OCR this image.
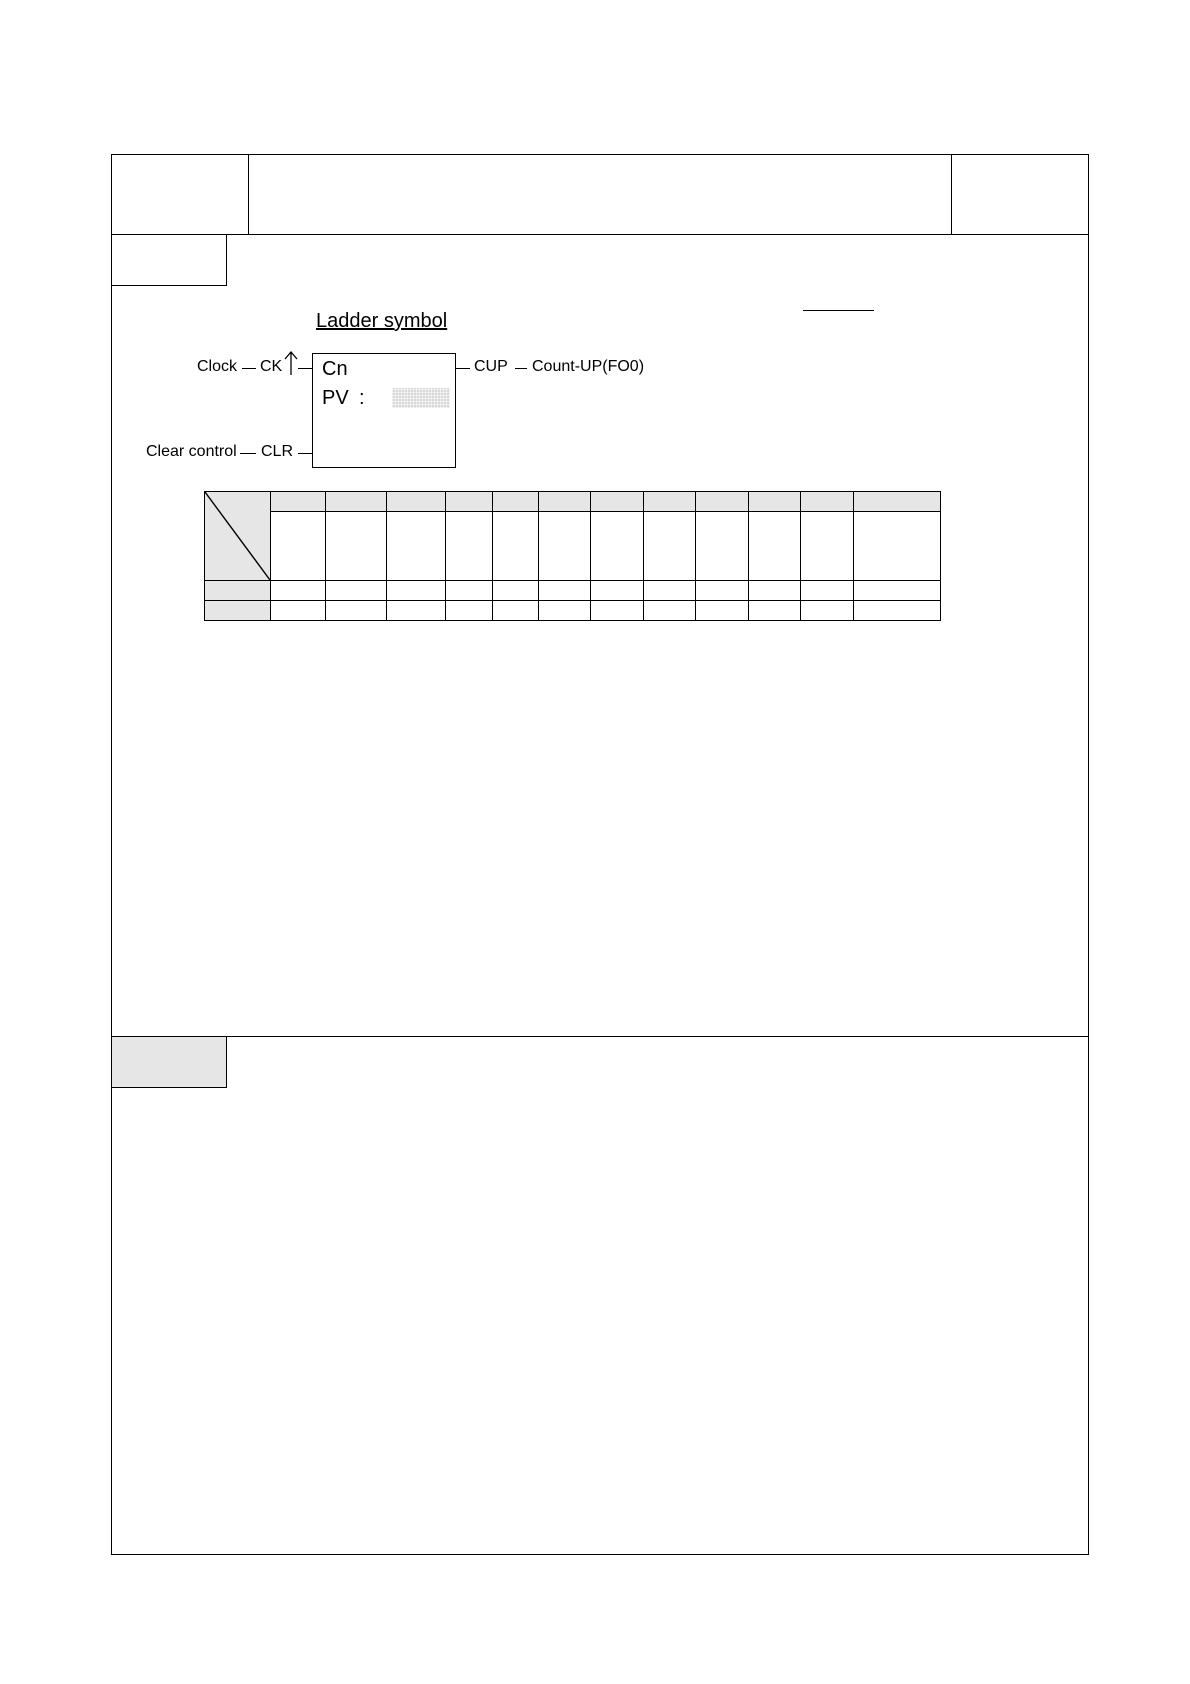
Ladder symbol
Cn
PV :
Clock CK
Clear control CLR
CUP Count-UP(FO0)
